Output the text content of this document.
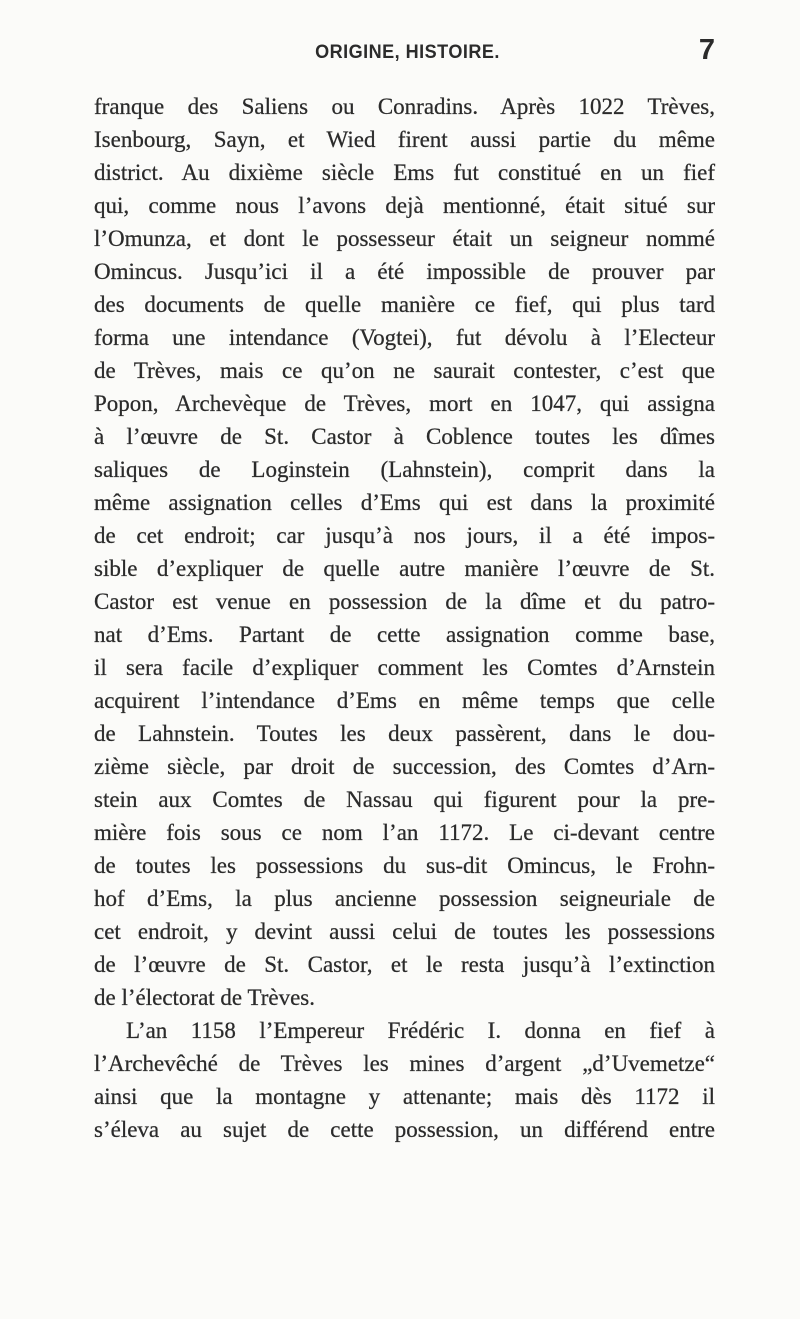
ORIGINE, HISTOIRE.	7
franque des Saliens ou Conradins. Après 1022 Trèves,
Isenbourg, Sayn, et Wied firent aussi partie du même
district. Au dixième siècle Ems fut constitué en un fief
qui, comme nous l’avons dejà mentionné, était situé sur
l’Omunza, et dont le possesseur était un seigneur nommé
Omincus. Jusqu’ici il a été impossible de prouver par
des documents de quelle manière ce fief, qui plus tard
forma une intendance (Vogtei), fut dévolu à l’Electeur
de Trèves, mais ce qu’on ne saurait contester, c’est que
Popon, Archevèque de Trèves, mort en 1047, qui assigna
à l’œuvre de St. Castor à Coblence toutes les dîmes
saliques de Loginstein (Lahnstein), comprit dans la
même assignation celles d’Ems qui est dans la proximité
de cet endroit; car jusqu’à nos jours, il a été impos-
sible d’expliquer de quelle autre manière l’œuvre de St.
Castor est venue en possession de la dîme et du patro-
nat d’Ems. Partant de cette assignation comme base,
il sera facile d’expliquer comment les Comtes d’Arnstein
acquirent l’intendance d’Ems en même temps que celle
de Lahnstein. Toutes les deux passèrent, dans le dou-
zième siècle, par droit de succession, des Comtes d’Arn-
stein aux Comtes de Nassau qui figurent pour la pre-
mière fois sous ce nom l’an 1172. Le ci-devant centre
de toutes les possessions du sus-dit Omincus, le Frohn-
hof d’Ems, la plus ancienne possession seigneuriale de
cet endroit, y devint aussi celui de toutes les possessions
de l’œuvre de St. Castor, et le resta jusqu’à l’extinction
de l’électorat de Trèves.
L’an 1158 l’Empereur Frédéric I. donna en fief à
l’Archevêché de Trèves les mines d’argent „d’Uvemetze“
ainsi que la montagne y attenante; mais dès 1172 il
s’éleva au sujet de cette possession, un différend entre
